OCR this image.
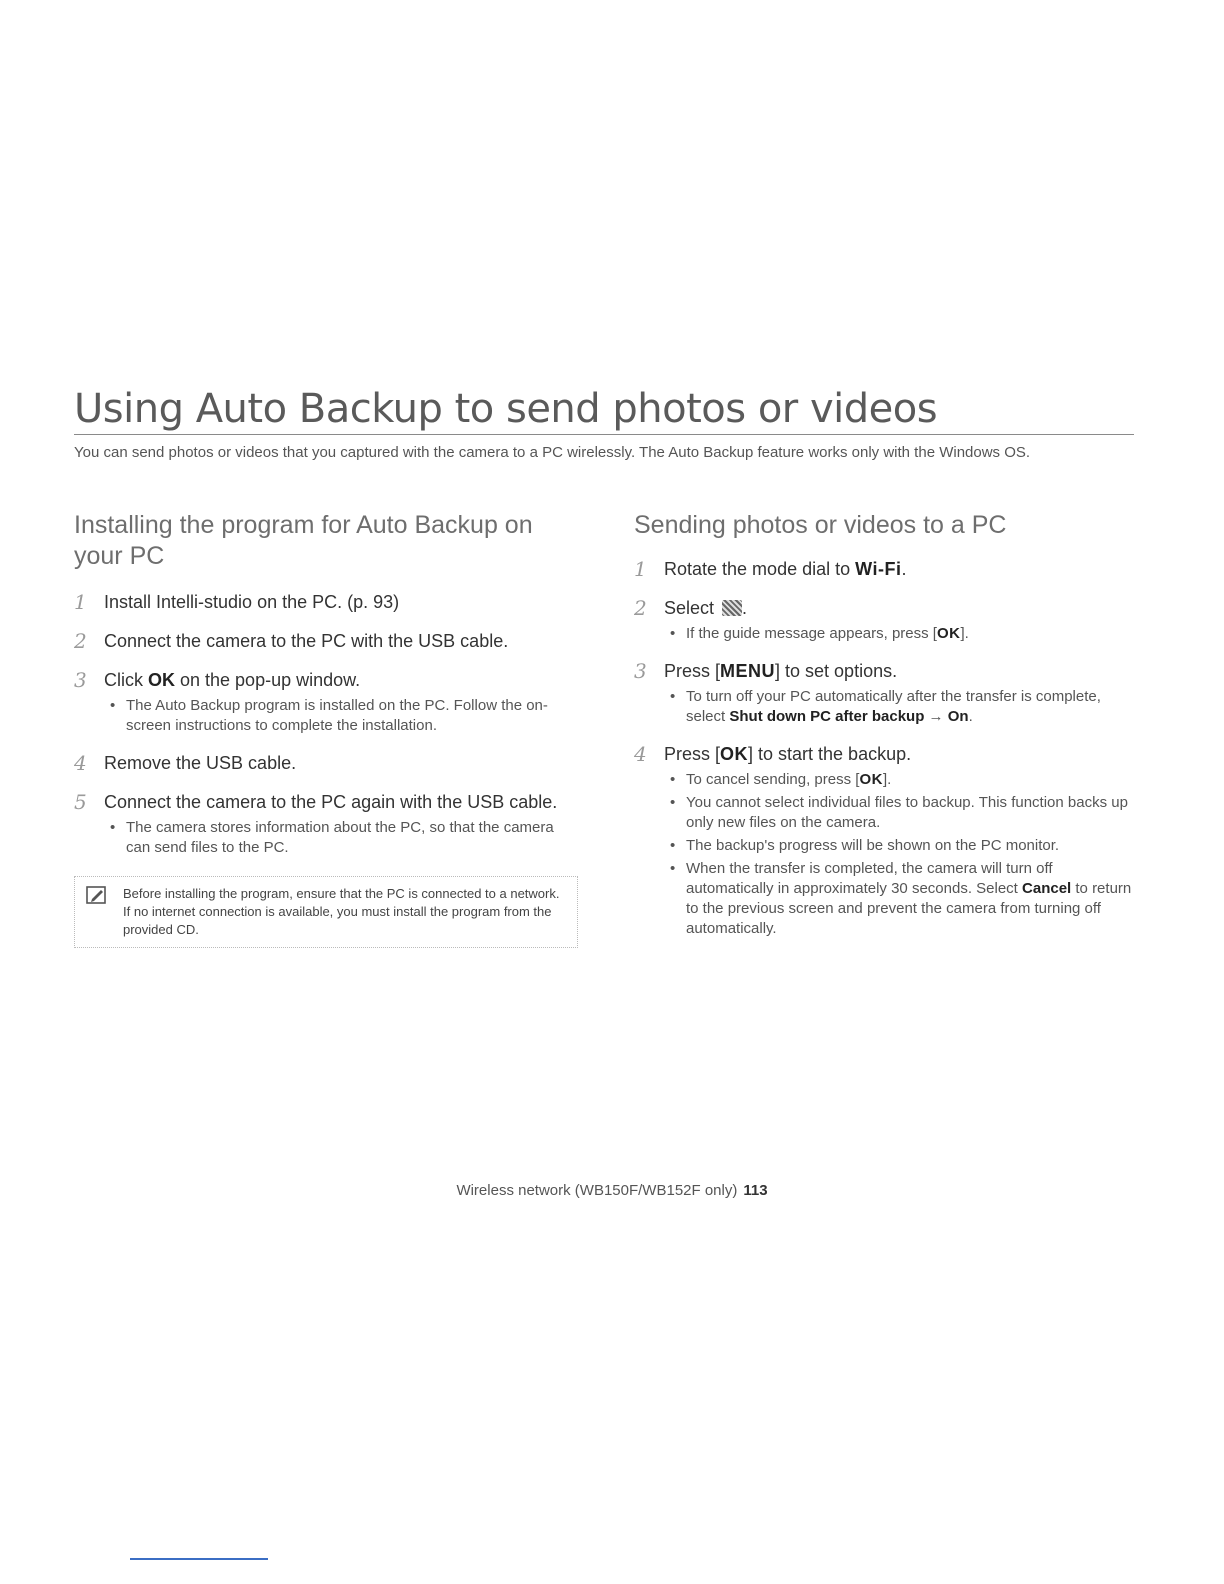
Using Auto Backup to send photos or videos

You can send photos or videos that you captured with the camera to a PC wirelessly. The Auto Backup feature works only with the Windows OS.

Installing the program for Auto Backup on your PC
1 Install Intelli-studio on the PC. (p. 93)
2 Connect the camera to the PC with the USB cable.
3 Click OK on the pop-up window.
• The Auto Backup program is installed on the PC. Follow the on-screen instructions to complete the installation.
4 Remove the USB cable.
5 Connect the camera to the PC again with the USB cable.
• The camera stores information about the PC, so that the camera can send files to the PC.

Before installing the program, ensure that the PC is connected to a network.

If no internet connection is available, you must install the program from the provided CD.

Sending photos or videos to a PC
1 Rotate the mode dial to Wi-Fi.
2 Select .
• If the guide message appears, press [OK].
3 Press [MENU] to set options.
• To turn off your PC automatically after the transfer is complete, select Shut down PC after backup → On.
4 Press [OK] to start the backup.
• To cancel sending, press [OK].
• You cannot select individual files to backup. This function backs up only new files on the camera.
• The backup's progress will be shown on the PC monitor.
• When the transfer is completed, the camera will turn off automatically in approximately 30 seconds. Select Cancel to return to the previous screen and prevent the camera from turning off automatically.
Wireless network (WB150F/WB152F only) 113
